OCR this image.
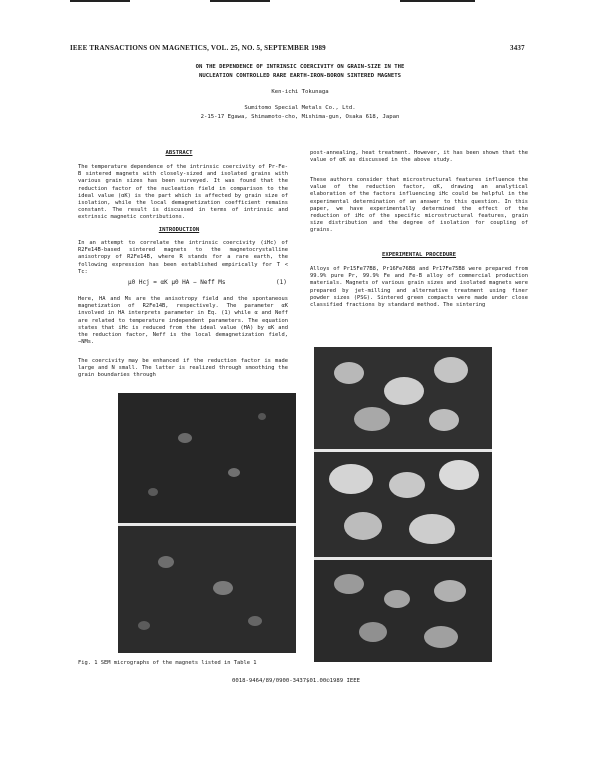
IEEE TRANSACTIONS ON MAGNETICS, VOL. 25, NO. 5, SEPTEMBER 1989	3437
ON THE DEPENDENCE OF INTRINSIC COERCIVITY ON GRAIN-SIZE IN THE
NUCLEATION CONTROLLED RARE EARTH-IRON-BORON SINTERED MAGNETS
Ken-ichi Tokunaga
Sumitomo Special Metals Co., Ltd.
2-15-17 Egawa, Shimamoto-cho, Mishima-gun, Osaka 618, Japan
ABSTRACT
The temperature dependence of the intrinsic coercivity of Pr-Fe-B sintered magnets with closely-sized and isolated grains with various grain sizes has been surveyed. It was found that the reduction factor of the nucleation field in comparison to the ideal value (αK) is the part which is affected by grain size of isolation, while the local demagnetization coefficient remains constant. The result is discussed in terms of intrinsic and extrinsic magnetic contributions.
INTRODUCTION
In an attempt to correlate the intrinsic coercivity (iHc) of R2Fe14B-based sintered magnets to the magnetocrystalline anisotropy of R2Fe14B, where R stands for a rare earth, the following expression has been established empirically for T < Tc:
μ0 Hcj = αK μ0 HA − Neff Ms	(1)
Here, HA and Ms are the anisotropy field and the spontaneous magnetization of R2Fe14B, respectively. The parameter αK involved in HA interprets parameter in Eq. (1) while α and Neff are related to temperature independent parameters. The equation states that iHc is reduced from the ideal value (HA) by αK and the reduction factor, Neff is the local demagnetization field, −NMs.
The coercivity may be enhanced if the reduction factor is made large and N small. The latter is realized through smoothing the grain boundaries through
Fig. 1 SEM micrographs of the magnets listed in Table 1
post-annealing, heat treatment. However, it has been shown that the value of αK as discussed in the above study.
These authors consider that microstructural features influence the value of the reduction factor, αK, drawing an analytical elaboration of the factors influencing iHc could be helpful in the experimental determination of an answer to this question. In this paper, we have experimentally determined the effect of the reduction of iHc of the specific microstructural features, grain size distribution and the degree of isolation for coupling of grains.
EXPERIMENTAL PROCEDURE
Alloys of Pr15Fe77B8, Pr16Fe76B8 and Pr17Fe75B8 were prepared from 99.9% pure Pr, 99.9% Fe and Fe-B alloy of commercial production materials. Magnets of various grain sizes and isolated magnets were prepared by jet-milling and alternative treatment using finer powder sizes (PSG). Sintered green compacts were made under close classified fractions by standard method. The sintering
0018-9464/89/0900-3437$01.00©1989 IEEE
